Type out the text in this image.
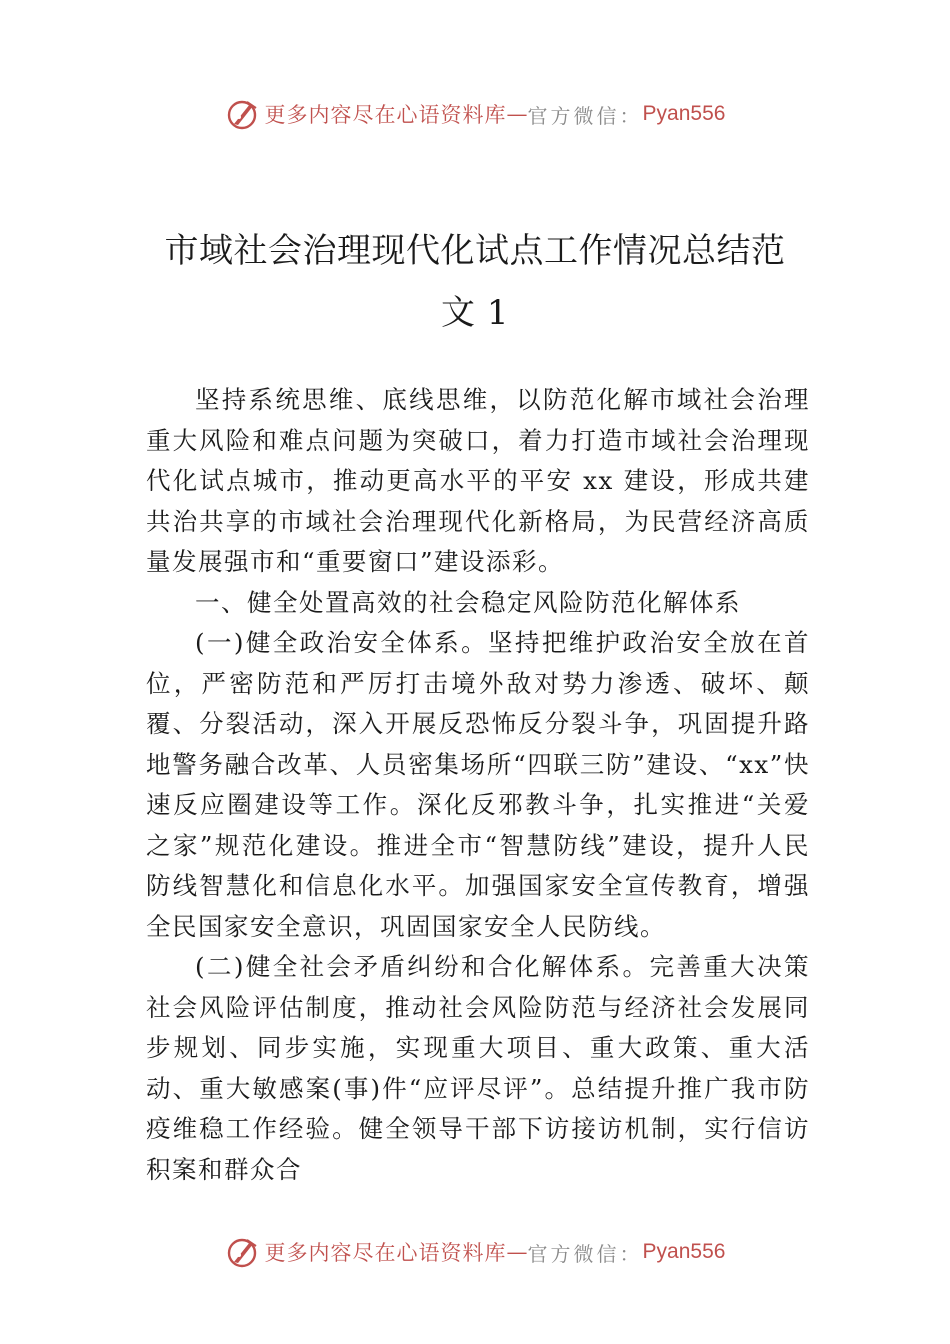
更多内容尽在心语资料库 — 官方微信： Pyan556
市域社会治理现代化试点工作情况总结范
文 1

坚持系统思维、底线思维，以防范化解市域社会治理重大风险和难点问题为突破口，着力打造市域社会治理现代化试点城市，推动更高水平的平安 xx 建设，形成共建共治共享的市域社会治理现代化新格局，为民营经济高质量发展强市和“重要窗口”建设添彩。

一、健全处置高效的社会稳定风险防范化解体系

(一)健全政治安全体系。坚持把维护政治安全放在首位，严密防范和严厉打击境外敌对势力渗透、破坏、颠覆、分裂活动，深入开展反恐怖反分裂斗争，巩固提升路地警务融合改革、人员密集场所“四联三防”建设、“xx”快速反应圈建设等工作。深化反邪教斗争，扎实推进“关爱之家”规范化建设。推进全市“智慧防线”建设，提升人民防线智慧化和信息化水平。加强国家安全宣传教育，增强全民国家安全意识，巩固国家安全人民防线。

(二)健全社会矛盾纠纷和合化解体系。完善重大决策社会风险评估制度，推动社会风险防范与经济社会发展同步规划、同步实施，实现重大项目、重大政策、重大活动、重大敏感案(事)件“应评尽评”。总结提升推广我市防疫维稳工作经验。健全领导干部下访接访机制，实行信访积案和群众合

更多内容尽在心语资料库 — 官方微信： Pyan556
